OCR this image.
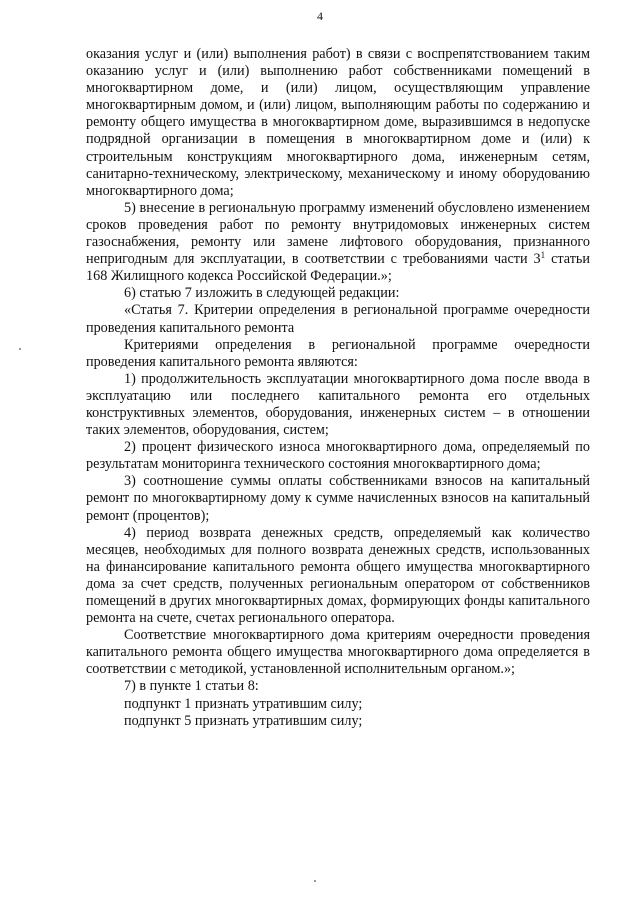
4

оказания услуг и (или) выполнения работ) в связи с воспрепятствованием таким оказанию услуг и (или) выполнению работ собственниками помещений в многоквартирном доме, и (или) лицом, осуществляющим управление многоквартирным домом, и (или) лицом, выполняющим работы по содержанию и ремонту общего имущества в многоквартирном доме, выразившимся в недопуске подрядной организации в помещения в многоквартирном доме и (или) к строительным конструкциям многоквартирного дома, инженерным сетям, санитарно-техническому, электрическому, механическому и иному оборудованию многоквартирного дома;

5) внесение в региональную программу изменений обусловлено изменением сроков проведения работ по ремонту внутридомовых инженерных систем газоснабжения, ремонту или замене лифтового оборудования, признанного непригодным для эксплуатации, в соответствии с требованиями части $3^1$ статьи 168 Жилищного кодекса Российской Федерации.»;

6) статью 7 изложить в следующей редакции:

«Статья 7. Критерии определения в региональной программе очередности проведения капитального ремонта

Критериями определения в региональной программе очередности проведения капитального ремонта являются:

1) продолжительность эксплуатации многоквартирного дома после ввода в эксплуатацию или последнего капитального ремонта его отдельных конструктивных элементов, оборудования, инженерных систем – в отношении таких элементов, оборудования, систем;

2) процент физического износа многоквартирного дома, определяемый по результатам мониторинга технического состояния многоквартирного дома;

3) соотношение суммы оплаты собственниками взносов на капитальный ремонт по многоквартирному дому к сумме начисленных взносов на капитальный ремонт (процентов);

4) период возврата денежных средств, определяемый как количество месяцев, необходимых для полного возврата денежных средств, использованных на финансирование капитального ремонта общего имущества многоквартирного дома за счет средств, полученных региональным оператором от собственников помещений в других многоквартирных домах, формирующих фонды капитального ремонта на счете, счетах регионального оператора.

Соответствие многоквартирного дома критериям очередности проведения капитального ремонта общего имущества многоквартирного дома определяется в соответствии с методикой, установленной исполнительным органом.»;

7) в пункте 1 статьи 8:

подпункт 1 признать утратившим силу;

подпункт 5 признать утратившим силу;
